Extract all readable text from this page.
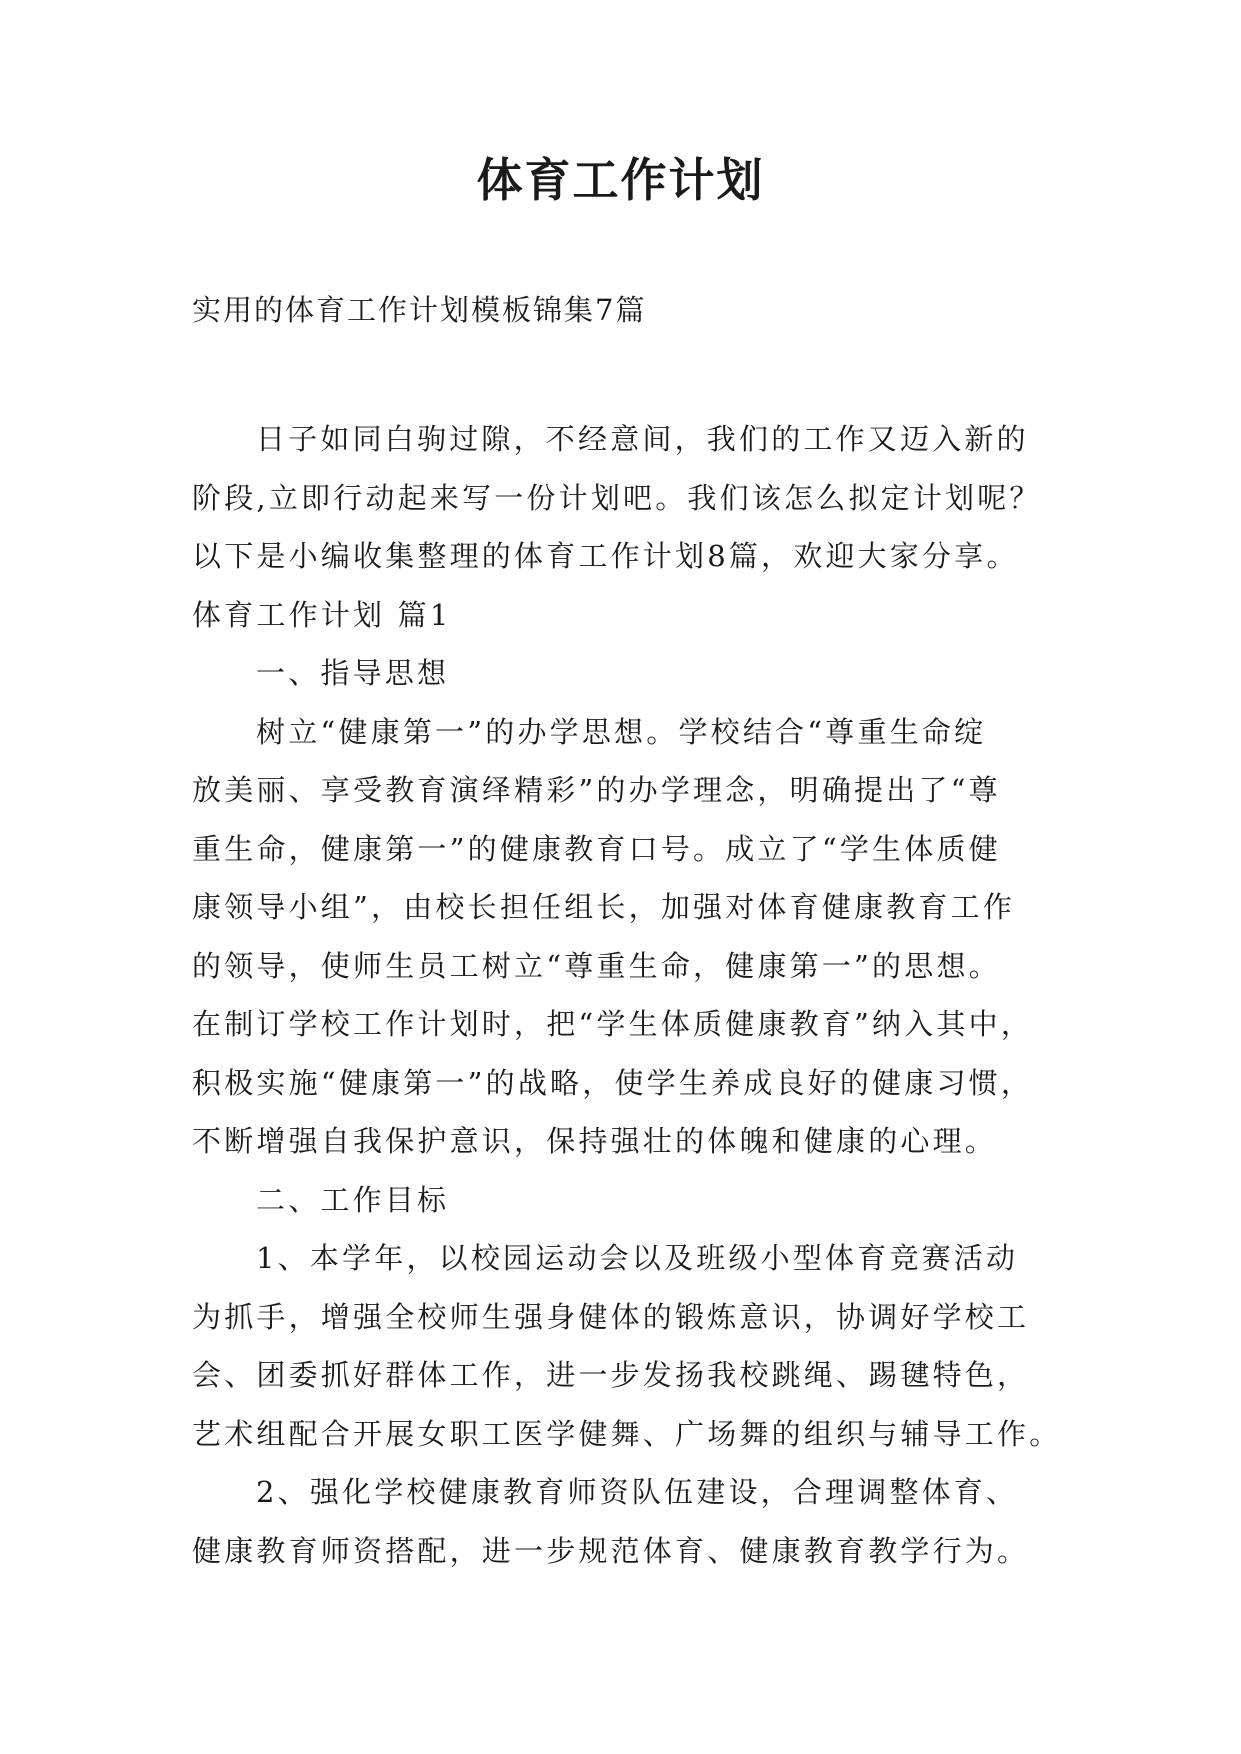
体育工作计划
实用的体育工作计划模板锦集7篇
日子如同白驹过隙，不经意间，我们的工作又迈入新的
阶段,立即行动起来写一份计划吧。我们该怎么拟定计划呢？
以下是小编收集整理的体育工作计划8篇，欢迎大家分享。
体育工作计划 篇1
一、指导思想
树立“健康第一”的办学思想。学校结合“尊重生命绽
放美丽、享受教育演绎精彩”的办学理念，明确提出了“尊
重生命，健康第一”的健康教育口号。成立了“学生体质健
康领导小组”，由校长担任组长，加强对体育健康教育工作
的领导，使师生员工树立“尊重生命，健康第一”的思想。
在制订学校工作计划时，把“学生体质健康教育”纳入其中，
积极实施“健康第一”的战略，使学生养成良好的健康习惯，
不断增强自我保护意识，保持强壮的体魄和健康的心理。
二、工作目标
1、本学年，以校园运动会以及班级小型体育竞赛活动
为抓手，增强全校师生强身健体的锻炼意识，协调好学校工
会、团委抓好群体工作，进一步发扬我校跳绳、踢毽特色，
艺术组配合开展女职工医学健舞、广场舞的组织与辅导工作。
2、强化学校健康教育师资队伍建设，合理调整体育、
健康教育师资搭配，进一步规范体育、健康教育教学行为。
